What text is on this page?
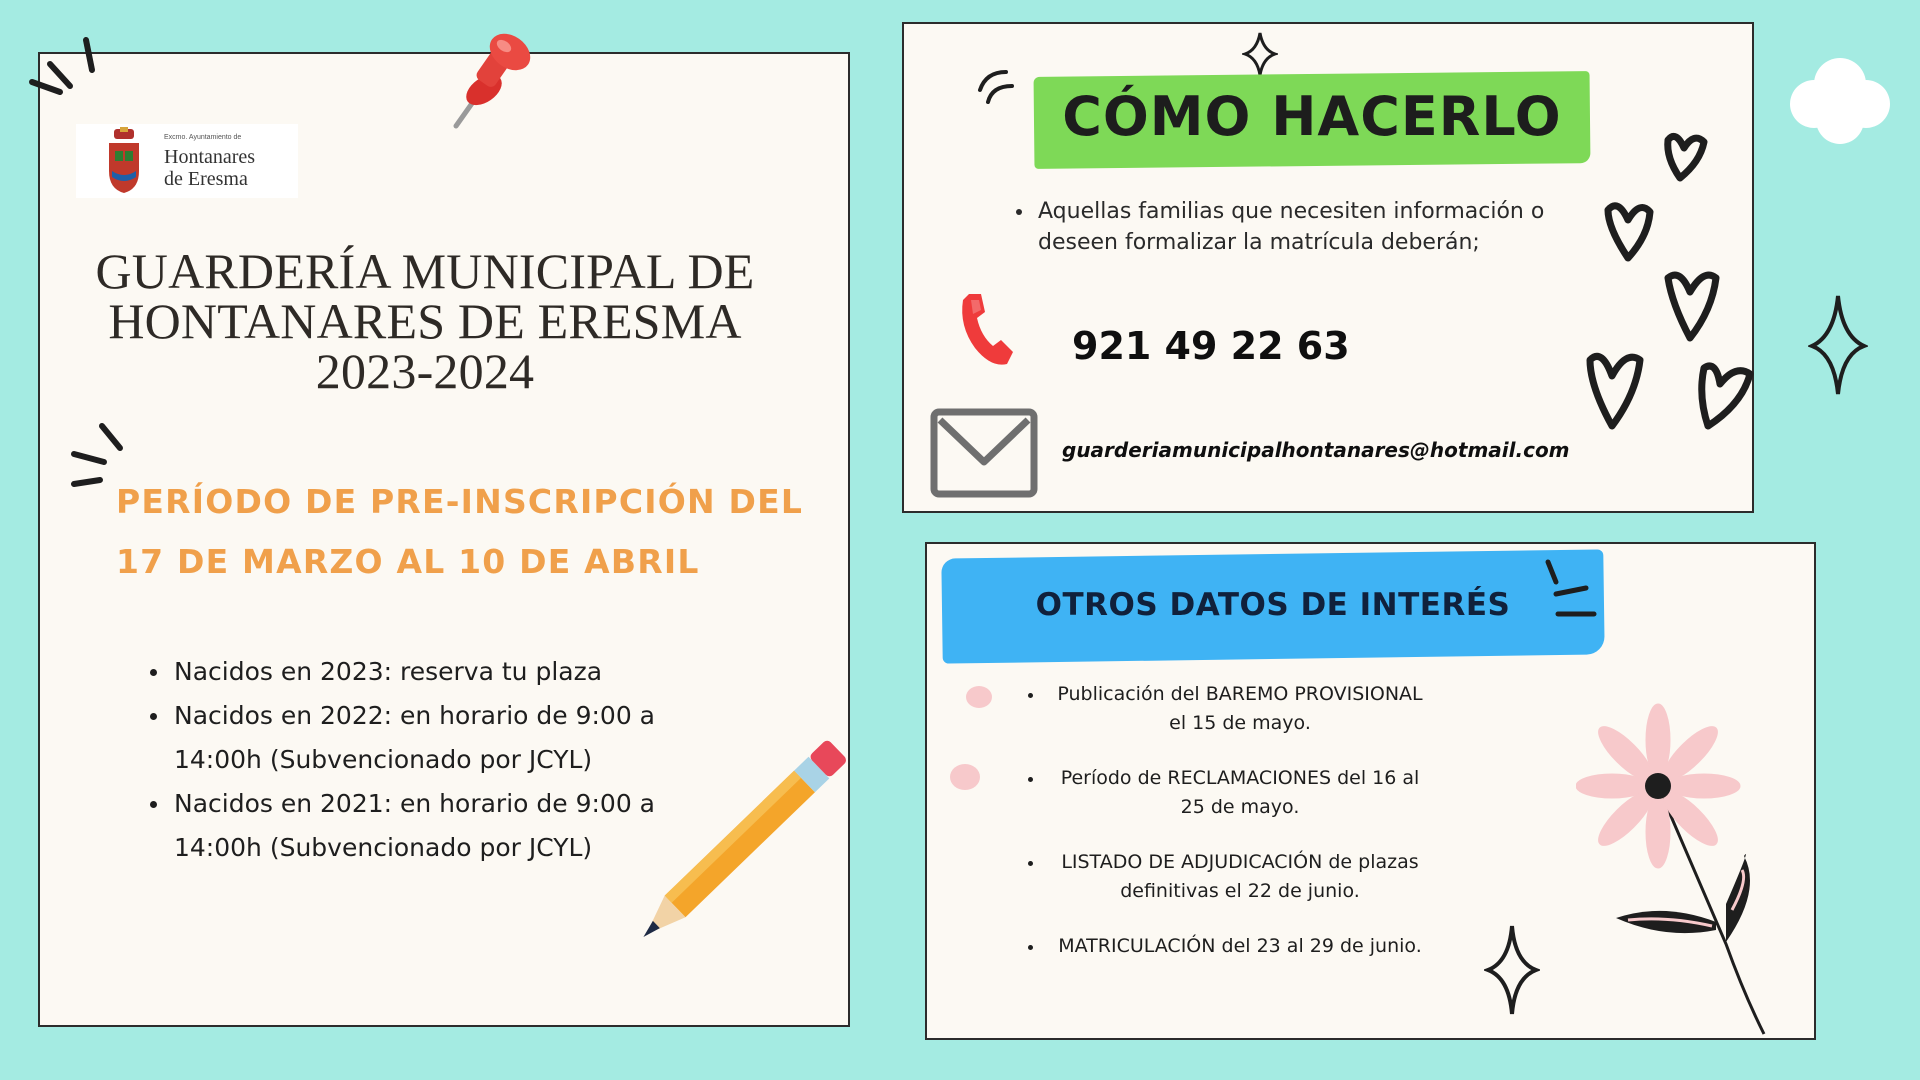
Excmo. Ayuntamiento de
Hontanares
de Eresma
GUARDERÍA MUNICIPAL DE
HONTANARES DE ERESMA
2023-2024
PERÍODO DE PRE-INSCRIPCIÓN DEL
17 DE MARZO AL 10 DE ABRIL
Nacidos en 2023: reserva tu plaza
Nacidos en 2022: en horario de 9:00 a 14:00h (Subvencionado por JCYL)
Nacidos en 2021: en horario de 9:00 a 14:00h (Subvencionado por JCYL)
CÓMO HACERLO
Aquellas familias que necesiten información o deseen formalizar la matrícula deberán;
921 49 22 63
guarderiamunicipalhontanares@hotmail.com
OTROS DATOS DE INTERÉS
Publicación del BAREMO PROVISIONAL el 15 de mayo.
Período de RECLAMACIONES del 16 al 25 de mayo.
LISTADO DE ADJUDICACIÓN de plazas definitivas el 22 de junio.
MATRICULACIÓN del 23 al 29 de junio.
